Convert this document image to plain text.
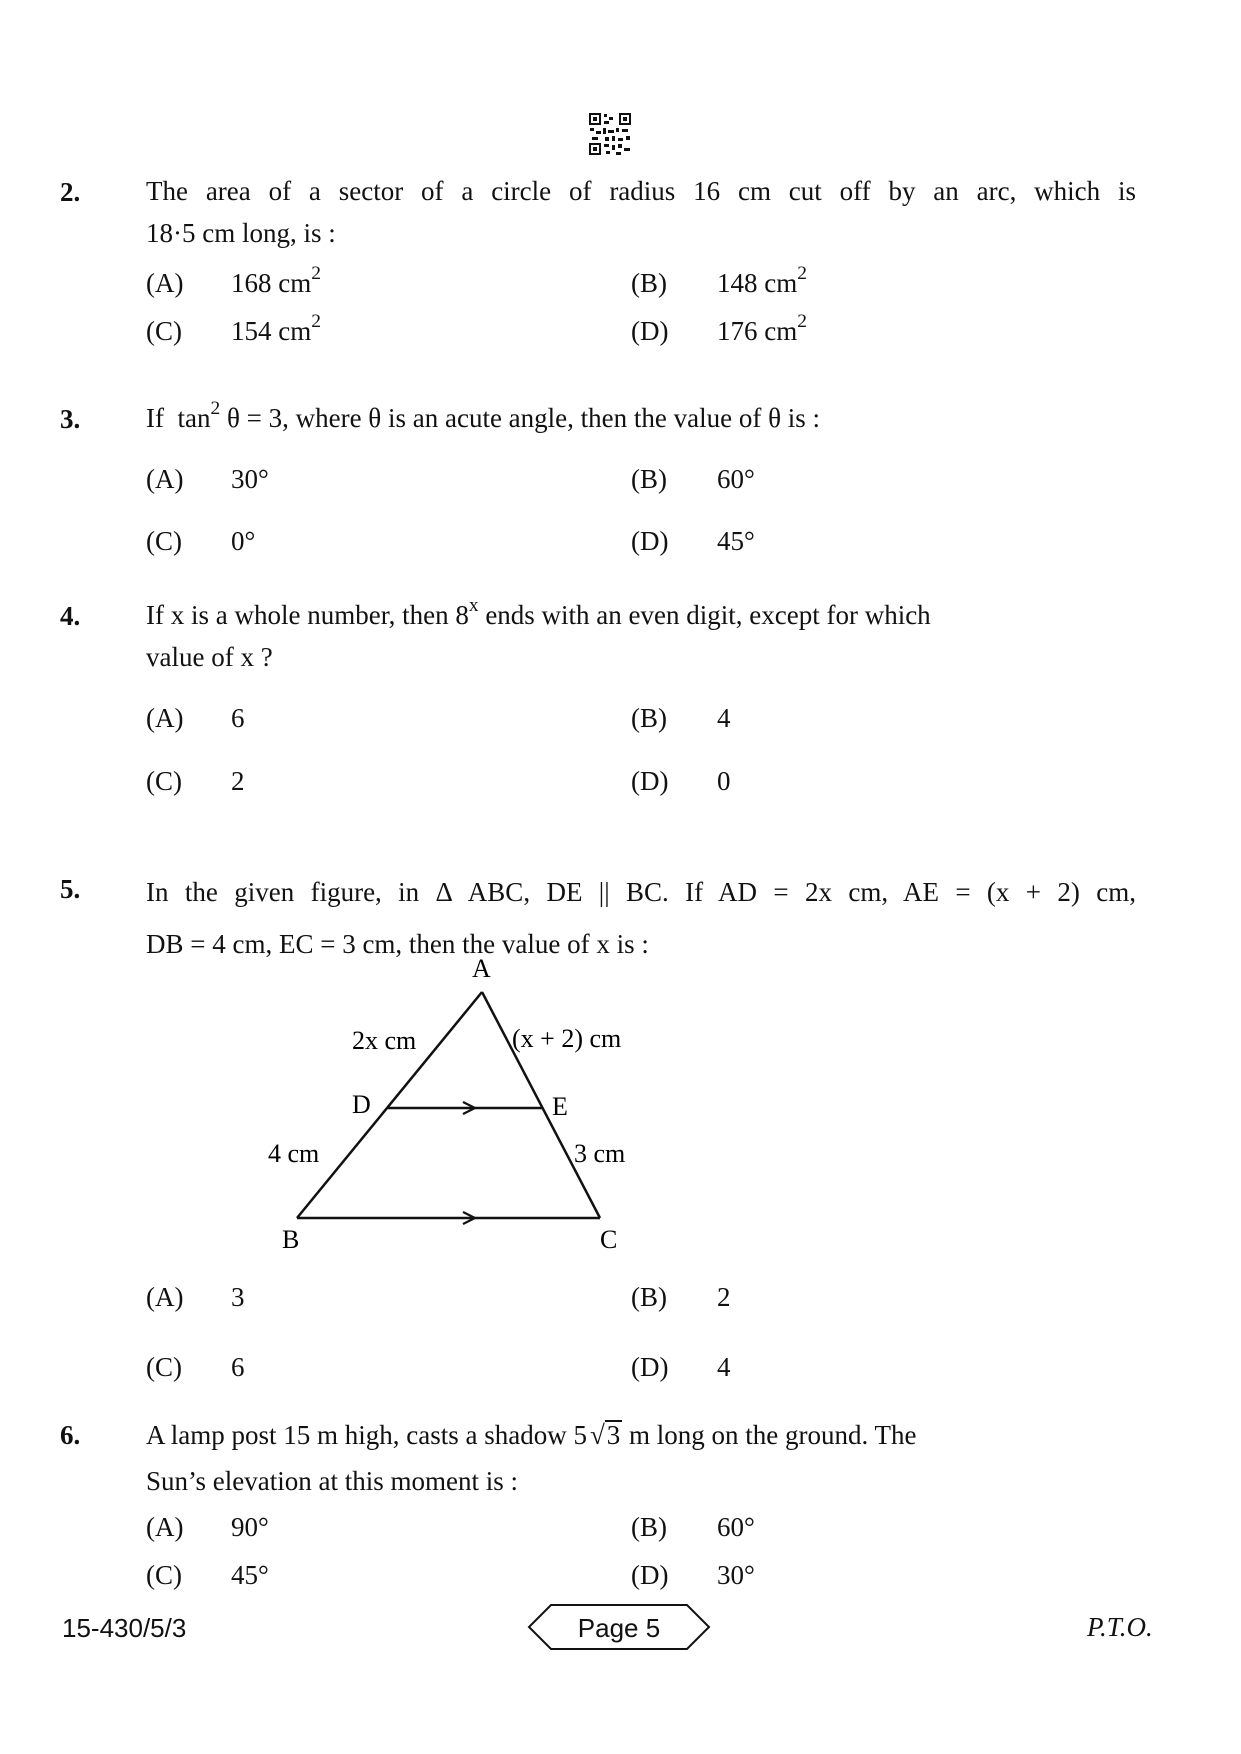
2. The area of a sector of a circle of radius 16 cm cut off by an arc, which is
18·5 cm long, is :
(A) 168 $cm^2$	(B) 148 $cm^2$
(C) 154 $cm^2$	(D) 176 $cm^2$
3. If  $\tan^2 \theta = 3$, where θ is an acute angle, then the value of θ is :
(A) 30°	(B) 60°
(C) 0°	(D) 45°
4. If x is a whole number, then 8$^x$ ends with an even digit, except for which
value of x ?
(A) 6	(B) 4
(C) 2	(D) 0
5. In the given figure, in Δ ABC, DE || BC. If AD = 2x cm, AE = (x + 2) cm,
DB = 4 cm, EC = 3 cm, then the value of x is :
A
B	C
D	E
2x cm	(x + 2) cm
4 cm	3 cm
(A) 3	(B) 2
(C) 6	(D) 4
6. A lamp post 15 m high, casts a shadow 5 √3 m long on the ground. The
Sun’s elevation at this moment is :
(A) 90°	(B) 60°
(C) 45°	(D) 30°
15-430/5/3	Page 5	P.T.O.
